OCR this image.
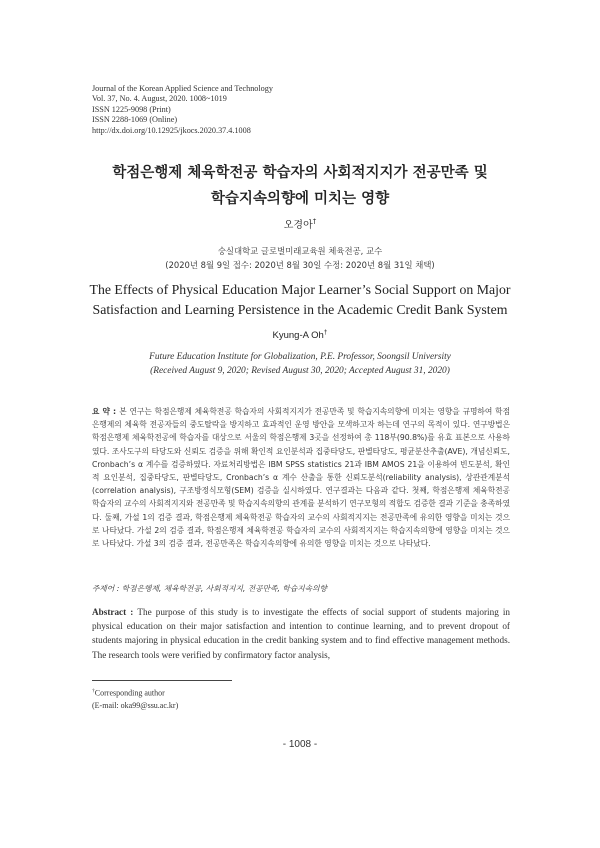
Journal of the Korean Applied Science and Technology
Vol. 37, No. 4. August, 2020. 1008~1019
ISSN 1225-9098 (Print)
ISSN 2288-1069 (Online)
http://dx.doi.org/10.12925/jkocs.2020.37.4.1008
학점은행제 체육학전공 학습자의 사회적지지가 전공만족 및
학습지속의향에 미치는 영향
오경아†
숭실대학교 글로벌미래교육원 체육전공, 교수
(2020년 8월 9일 접수: 2020년 8월 30일 수정: 2020년 8월 31일 채택)
The Effects of Physical Education Major Learner’s Social Support on Major
Satisfaction and Learning Persistence in the Academic Credit Bank System
Kyung-A Oh†
Future Education Institute for Globalization, P.E. Professor, Soongsil University
(Received August 9, 2020; Revised August 30, 2020; Accepted August 31, 2020)
요 약 : 본 연구는 학점은행제 체육학전공 학습자의 사회적지지가 전공만족 및 학습지속의향에 미치는 영향을 규명하여 학점은행제의 체육학 전공자들의 중도탈락을 방지하고 효과적인 운영 방안을 모색하고자 하는데 연구의 목적이 있다. 연구방법은 학점은행제 체육학전공에 학습자를 대상으로 서울의 학점은행제 3곳을 선정하여 총 118부(90.8%)를 유효 표본으로 사용하였다. 조사도구의 타당도와 신뢰도 검증을 위해 확인적 요인분석과 집중타당도, 판별타당도, 평균분산추출(AVE), 개념신뢰도, Cronbach’s α 계수를 검증하였다. 자료처리방법은 IBM SPSS statistics 21과 IBM AMOS 21을 이용하여 빈도분석, 확인적 요인분석, 집중타당도, 판별타당도, Cronbach’s α 계수 산출을 통한 신뢰도분석(reliability analysis), 상관관계분석(correlation analysis), 구조방정식모형(SEM) 검증을 실시하였다. 연구결과는 다음과 같다. 첫째, 학점은행제 체육학전공 학습자의 교수의 사회적지지와 전공만족 및 학습지속의향의 관계를 분석하기 연구모형의 적합도 검증한 결과 기준을 충족하였다. 둘째, 가설 1의 검증 결과, 학점은행제 체육학전공 학습자의 교수의 사회적지지는 전공만족에 유의한 영향을 미치는 것으로 나타났다. 가설 2의 검증 결과, 학점은행제 체육학전공 학습자의 교수의 사회적지지는 학습지속의향에 영향을 미치는 것으로 나타났다. 가설 3의 검증 결과, 전공만족은 학습지속의향에 유의한 영향을 미치는 것으로 나타났다.
주제어 : 학점은행제, 체육학전공, 사회적지지, 전공만족, 학습지속의향
Abstract : The purpose of this study is to investigate the effects of social support of students majoring in physical education on their major satisfaction and intention to continue learning, and to prevent dropout of students majoring in physical education in the credit banking system and to find effective management methods. The research tools were verified by confirmatory factor analysis,
†Corresponding author
(E-mail: oka99@ssu.ac.kr)
- 1008 -
